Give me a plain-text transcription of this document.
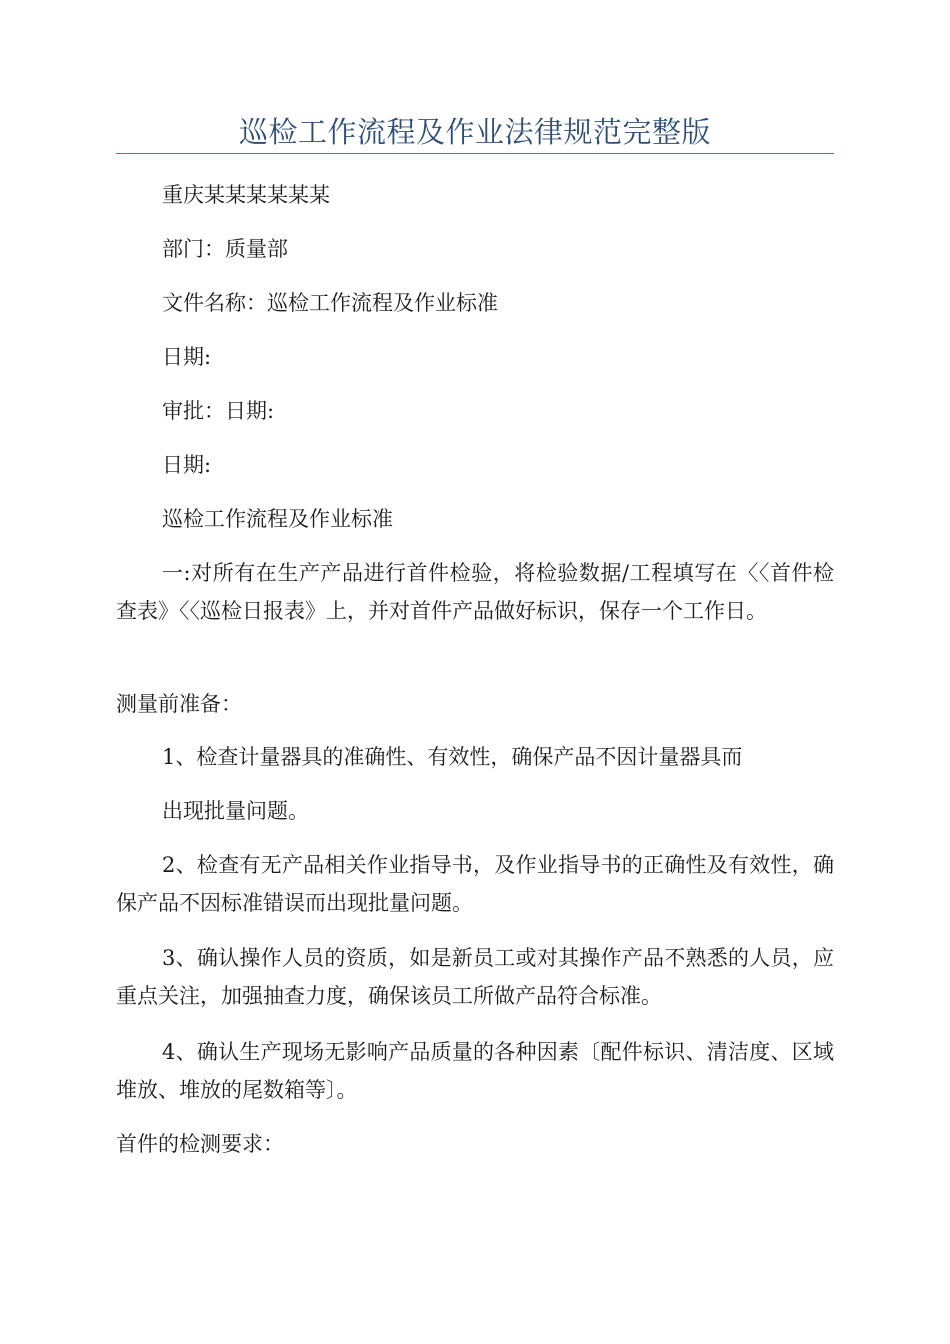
巡检工作流程及作业法律规范完整版
重庆某某某某某某
部门：质量部
文件名称：巡检工作流程及作业标准
日期:
审批：日期:
日期:
巡检工作流程及作业标准
一:对所有在生产产品进行首件检验，将检验数据/工程填写在〈〈首件检查表》〈〈巡检日报表》上，并对首件产品做好标识，保存一个工作日。
测量前准备：
1、检查计量器具的准确性、有效性，确保产品不因计量器具而
出现批量问题。
2、检查有无产品相关作业指导书，及作业指导书的正确性及有效性，确保产品不因标准错误而出现批量问题。
3、确认操作人员的资质，如是新员工或对其操作产品不熟悉的人员，应重点关注，加强抽查力度，确保该员工所做产品符合标准。
4、确认生产现场无影响产品质量的各种因素〔配件标识、清洁度、区域堆放、堆放的尾数箱等〕。
首件的检测要求：
